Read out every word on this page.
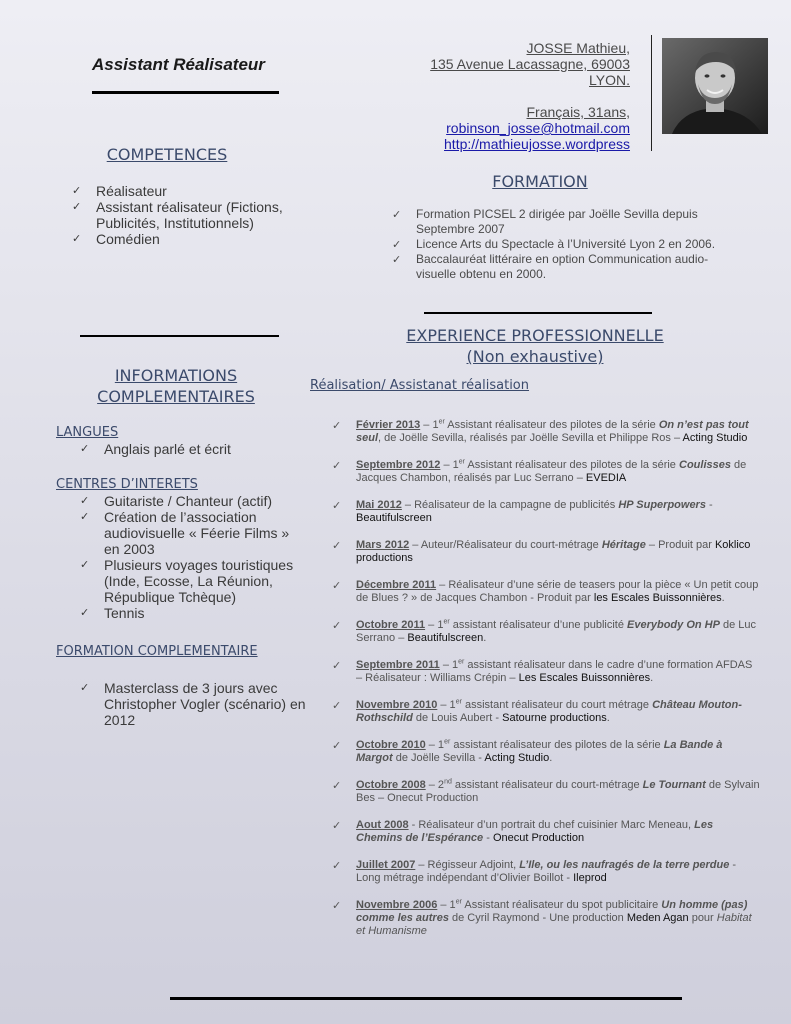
Assistant Réalisateur
JOSSE Mathieu,
135 Avenue Lacassagne, 69003
LYON.
Français, 31ans,
robinson_josse@hotmail.com
http://mathieujosse.wordpress
COMPETENCES
✓ Réalisateur
✓ Assistant réalisateur (Fictions, Publicités, Institutionnels)
✓ Comédien
FORMATION
✓ Formation PICSEL 2 dirigée par Joëlle Sevilla depuis Septembre 2007
✓ Licence Arts du Spectacle à l’Université Lyon 2 en 2006.
✓ Baccalauréat littéraire en option Communication audio-visuelle obtenu en 2000.
INFORMATIONS
COMPLEMENTAIRES
LANGUES
✓ Anglais parlé et écrit
CENTRES D’INTERETS
✓ Guitariste / Chanteur (actif)
✓ Création de l’association audiovisuelle « Féerie Films » en 2003
✓ Plusieurs voyages touristiques (Inde, Ecosse, La Réunion, République Tchèque)
✓ Tennis
FORMATION COMPLEMENTAIRE
✓ Masterclass de 3 jours avec Christopher Vogler (scénario) en 2012
EXPERIENCE PROFESSIONNELLE
(Non exhaustive)
Réalisation/ Assistanat réalisation
✓ Février 2013 – 1er Assistant réalisateur des pilotes de la série On n’est pas tout seul, de Joëlle Sevilla, réalisés par Joëlle Sevilla et Philippe Ros – Acting Studio
✓ Septembre 2012 – 1er Assistant réalisateur des pilotes de la série Coulisses de Jacques Chambon, réalisés par Luc Serrano – EVEDIA
✓ Mai 2012 – Réalisateur de la campagne de publicités HP Superpowers - Beautifulscreen
✓ Mars 2012 – Auteur/Réalisateur du court-métrage Héritage – Produit par Koklico productions
✓ Décembre 2011 – Réalisateur d’une série de teasers pour la pièce « Un petit coup de Blues ? » de Jacques Chambon - Produit par les Escales Buissonnières.
✓ Octobre 2011 – 1er assistant réalisateur d’une publicité Everybody On HP de Luc Serrano – Beautifulscreen.
✓ Septembre 2011 – 1er assistant réalisateur dans le cadre d’une formation AFDAS – Réalisateur : Williams Crépin – Les Escales Buissonnières.
✓ Novembre 2010 – 1er assistant réalisateur du court métrage Château Mouton-Rothschild de Louis Aubert - Satourne productions.
✓ Octobre 2010 – 1er assistant réalisateur des pilotes de la série La Bande à Margot de Joëlle Sevilla - Acting Studio.
✓ Octobre 2008 – 2nd assistant réalisateur du court-métrage Le Tournant de Sylvain Bes – Onecut Production
✓ Aout 2008 - Réalisateur d’un portrait du chef cuisinier Marc Meneau, Les Chemins de l’Espérance - Onecut Production
✓ Juillet 2007 – Régisseur Adjoint, L’Ile, ou les naufragés de la terre perdue - Long métrage indépendant d’Olivier Boillot - Ileprod
✓ Novembre 2006 – 1er Assistant réalisateur du spot publicitaire Un homme (pas) comme les autres de Cyril Raymond - Une production Meden Agan pour Habitat et Humanisme
